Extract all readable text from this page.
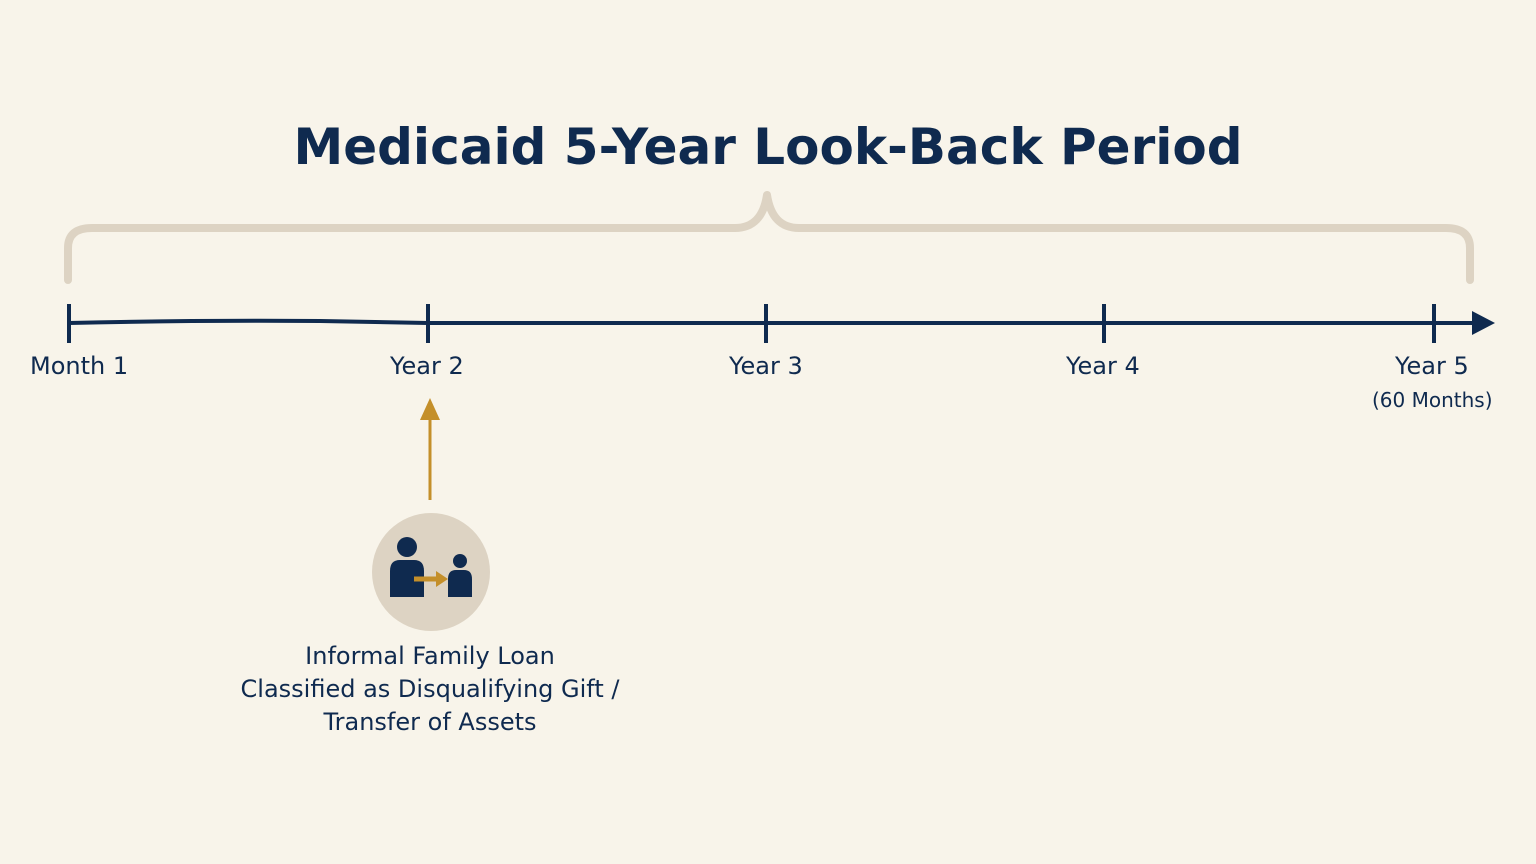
Medicaid 5-Year Look-Back Period
Month 1	Year 2	Year 3	Year 4	Year 5
(60 Months)
Informal Family Loan
Classified as Disqualifying Gift /
Transfer of Assets
